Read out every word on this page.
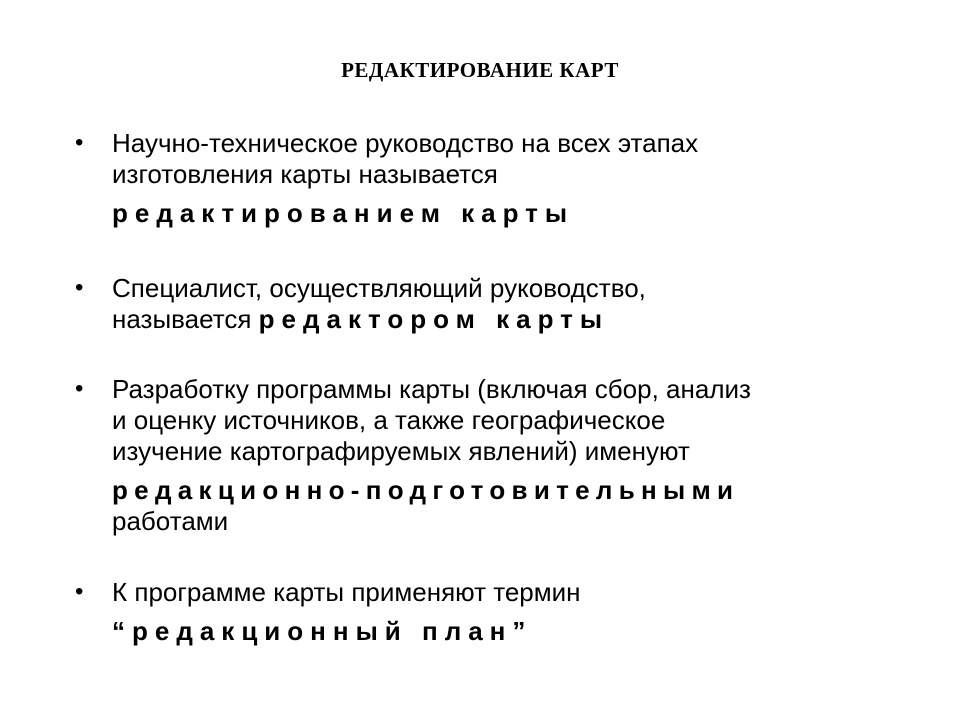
РЕДАКТИРОВАНИЕ КАРТ
• Научно-техническое руководство на всех этапах
изготовления карты называется
редактированием карты
• Специалист, осуществляющий руководство,
называется редактором карты
• Разработку программы карты (включая сбор, анализ
и оценку источников, а также географическое
изучение картографируемых явлений) именуют
редакционно-подготовительными
работами
• К программе карты применяют термин
“редакционный план”
